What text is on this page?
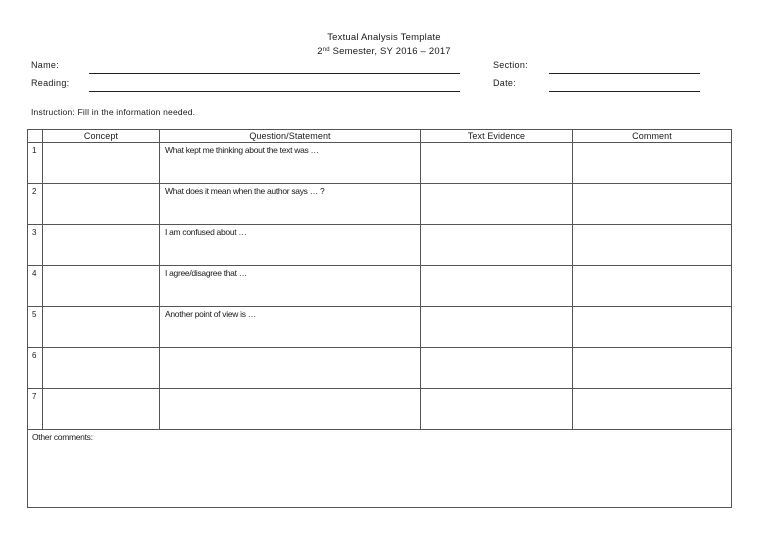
Textual Analysis Template
2nd Semester, SY 2016 – 2017
Name:
Reading:
Section:
Date:
Instruction: Fill in the information needed.
	Concept	Question/Statement	Text Evidence	Comment
1		What kept me thinking about the text was …		
2		What does it mean when the author says … ?		
3		I am confused about …		
4		I agree/disagree that …		
5		Another point of view is …		
6				
7				
Other comments:				
